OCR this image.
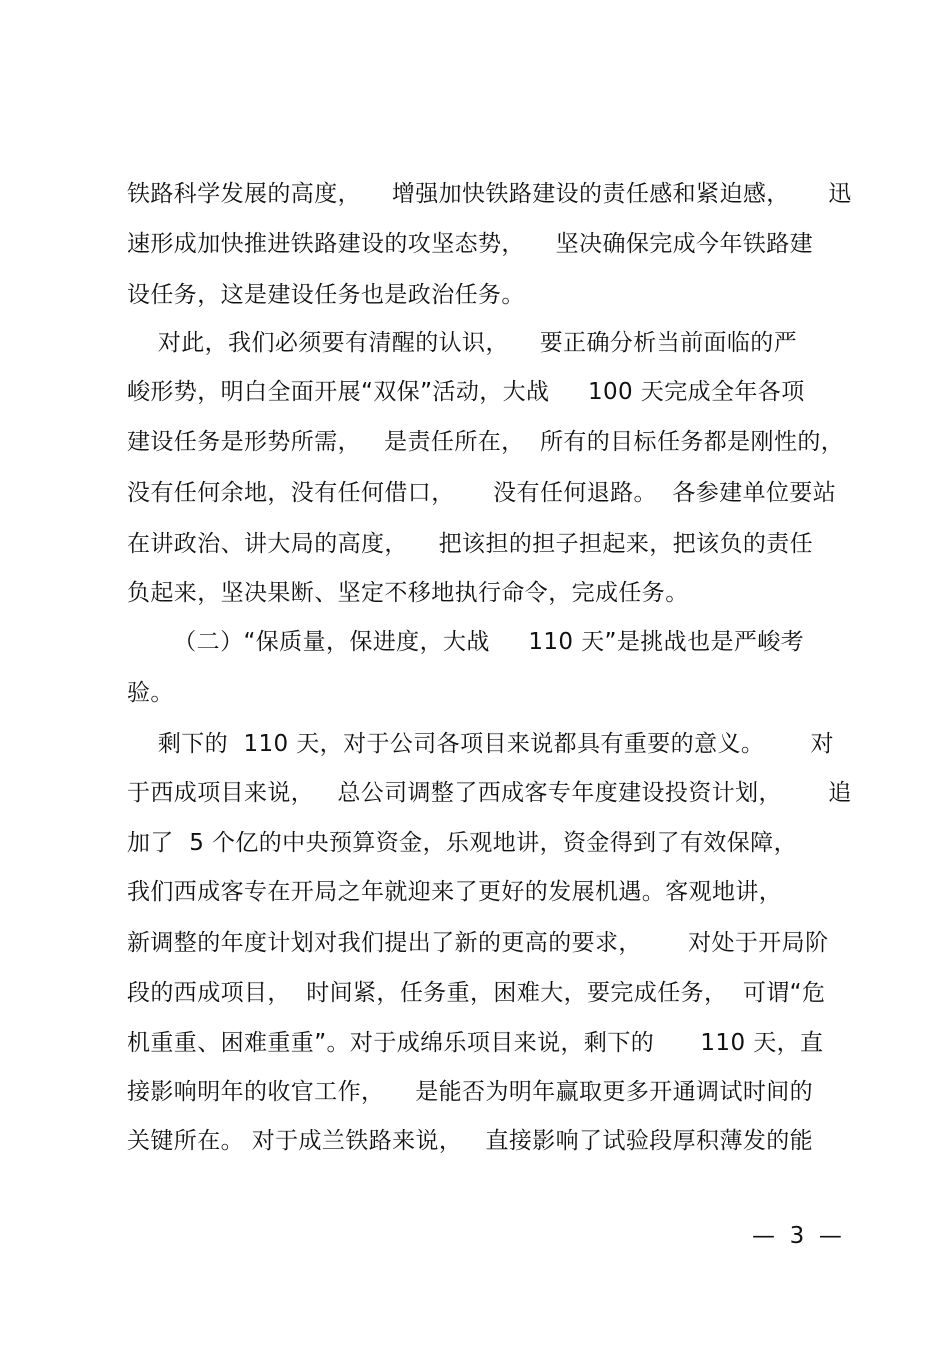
铁路科学发展的高度，    增强加快铁路建设的责任感和紧迫感，     迅
速形成加快推进铁路建设的攻坚态势，    坚决确保完成今年铁路建
设任务，这是建设任务也是政治任务。
对此，我们必须要有清醒的认识，    要正确分析当前面临的严
峻形势，明白全面开展“双保”活动，大战     100 天完成全年各项
建设任务是形势所需，   是责任所在，  所有的目标任务都是刚性的，
没有任何余地，没有任何借口，     没有任何退路。  各参建单位要站
在讲政治、讲大局的高度，    把该担的担子担起来，把该负的责任
负起来，坚决果断、坚定不移地执行命令，完成任务。
（二）“保质量，保进度，大战     110 天”是挑战也是严峻考
验。
剩下的  110 天，对于公司各项目来说都具有重要的意义。      对
于西成项目来说，   总公司调整了西成客专年度建设投资计划，      追
加了  5 个亿的中央预算资金，乐观地讲，资金得到了有效保障，
我们西成客专在开局之年就迎来了更好的发展机遇。客观地讲，
新调整的年度计划对我们提出了新的更高的要求，      对处于开局阶
段的西成项目，  时间紧，任务重，困难大，要完成任务，  可谓“危
机重重、困难重重”。对于成绵乐项目来说，剩下的      110 天，直
接影响明年的收官工作，    是能否为明年赢取更多开通调试时间的
关键所在。 对于成兰铁路来说，   直接影响了试验段厚积薄发的能
—  3  —
